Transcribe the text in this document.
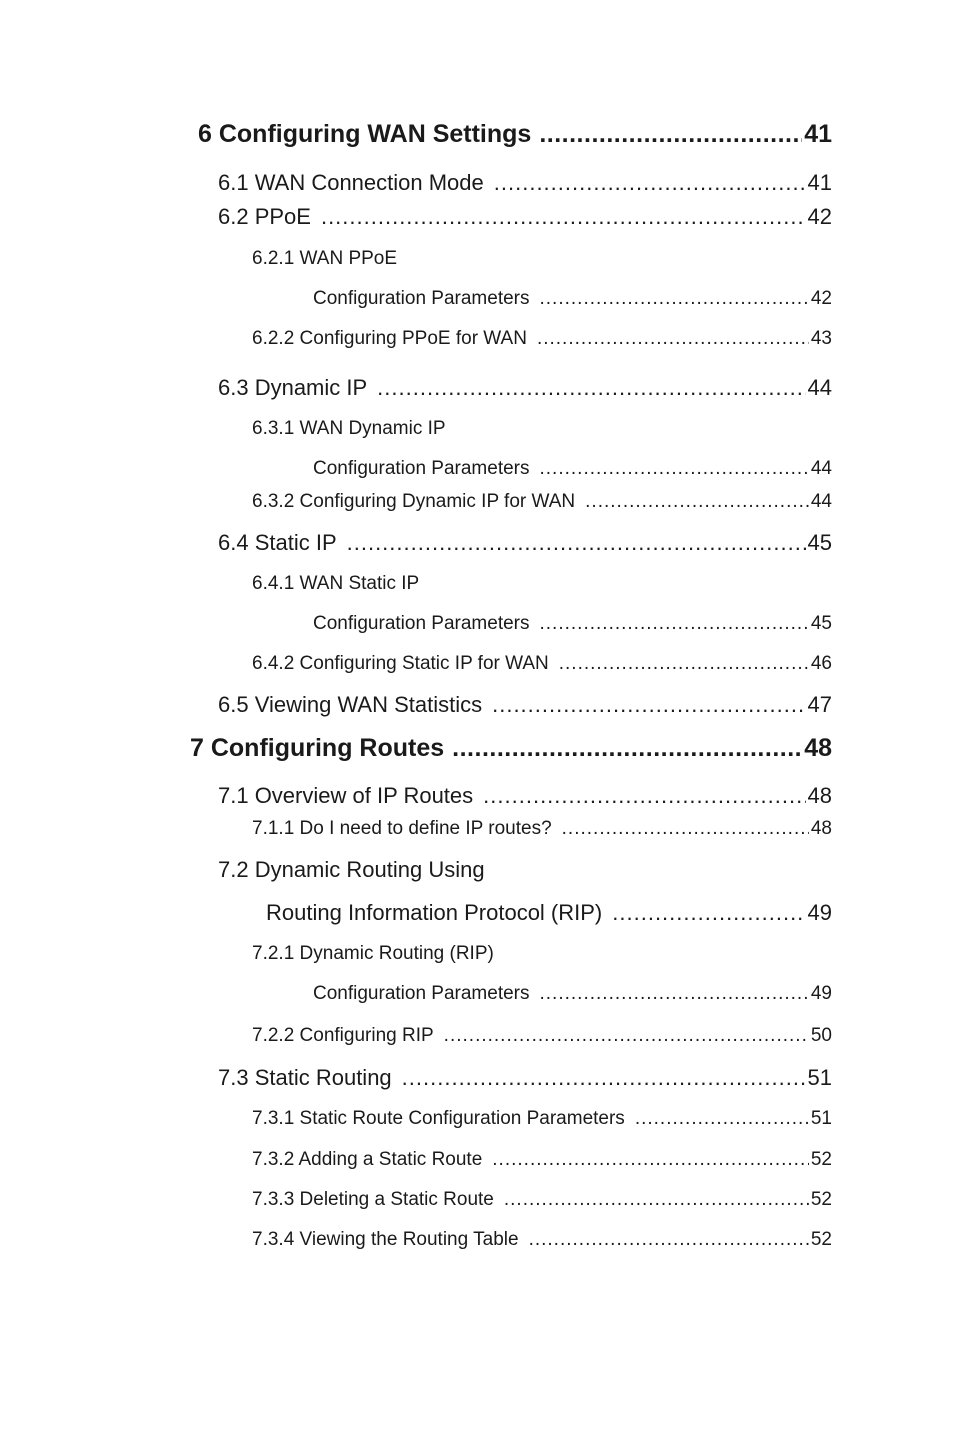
6 Configuring WAN Settings .....	41
6.1 WAN Connection Mode .....	41
6.2 PPoE .....	42
6.2.1 WAN PPoE
Configuration Parameters .....	42
6.2.2 Configuring PPoE for WAN .....	43
6.3 Dynamic IP .....	44
6.3.1 WAN Dynamic IP
Configuration Parameters .....	44
6.3.2 Configuring Dynamic IP for WAN .....	44
6.4 Static IP .....	45
6.4.1 WAN Static IP
Configuration Parameters .....	45
6.4.2 Configuring Static IP for WAN .....	46
6.5 Viewing WAN Statistics .....	47
7 Configuring Routes .....	48
7.1 Overview of IP Routes .....	48
7.1.1 Do I need to define IP routes? .....	48
7.2 Dynamic Routing Using
Routing Information Protocol (RIP) .....	49
7.2.1 Dynamic Routing (RIP)
Configuration Parameters .....	49
7.2.2 Configuring RIP .....	50
7.3 Static Routing .....	51
7.3.1 Static Route Configuration Parameters .....	51
7.3.2 Adding a Static Route .....	52
7.3.3 Deleting a Static Route .....	52
7.3.4 Viewing the Routing Table .....	52
